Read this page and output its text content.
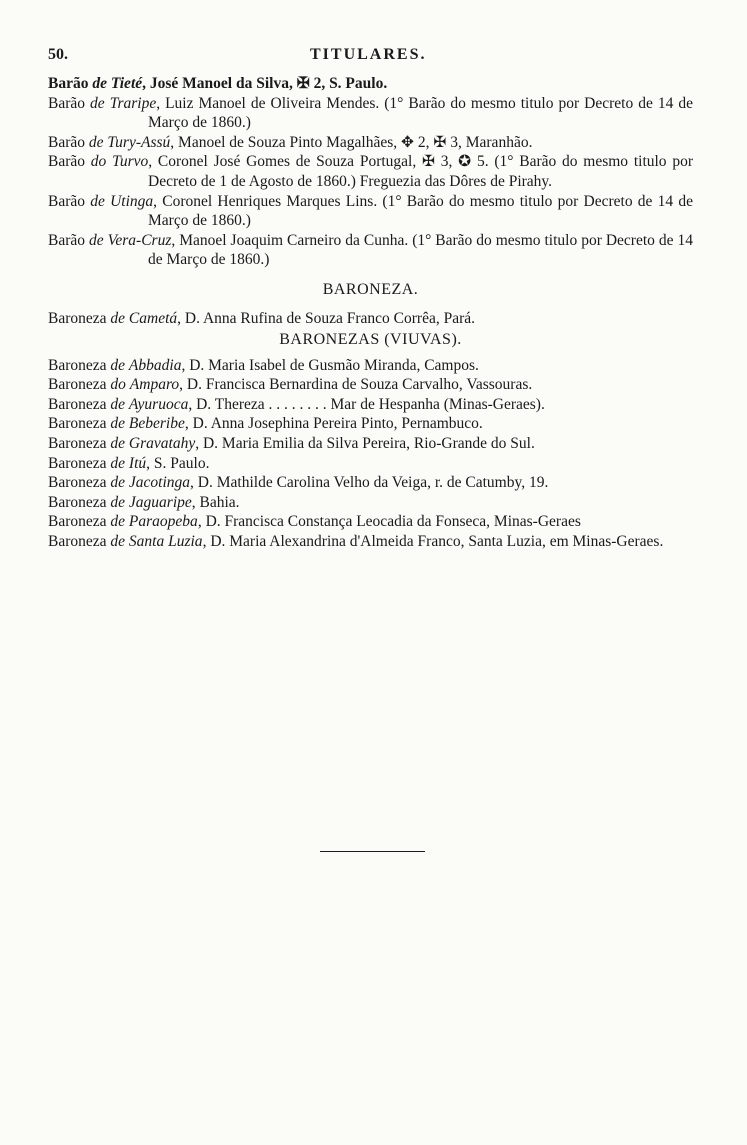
50.	TITULARES.

Barão de Tieté, José Manoel da Silva, ✠ 2, S. Paulo.

Barão de Traripe, Luiz Manoel de Oliveira Mendes. (1° Barão do mesmo titulo por Decreto de 14 de Março de 1860.)

Barão de Tury-Assú, Manoel de Souza Pinto Magalhães, ✥ 2, ✠ 3, Maranhão.

Barão do Turvo, Coronel José Gomes de Souza Portugal, ✠ 3, ✪ 5. (1° Barão do mesmo titulo por Decreto de 1 de Agosto de 1860.) Freguezia das Dôres de Pirahy.

Barão de Utinga, Coronel Henriques Marques Lins. (1° Barão do mesmo titulo por Decreto de 14 de Março de 1860.)

Barão de Vera-Cruz, Manoel Joaquim Carneiro da Cunha. (1° Barão do mesmo titulo por Decreto de 14 de Março de 1860.)

BARONEZA.

Baroneza de Cametá, D. Anna Rufina de Souza Franco Corrêa, Pará.

BARONEZAS (VIUVAS).

Baroneza de Abbadia, D. Maria Isabel de Gusmão Miranda, Campos.

Baroneza do Amparo, D. Francisca Bernardina de Souza Carvalho, Vassouras.

Baroneza de Ayuruoca, D. Thereza . . . . . . . . Mar de Hespanha (Minas-Geraes).

Baroneza de Beberibe, D. Anna Josephina Pereira Pinto, Pernambuco.

Baroneza de Gravatahy, D. Maria Emilia da Silva Pereira, Rio-Grande do Sul.

Baroneza de Itú, S. Paulo.

Baroneza de Jacotinga, D. Mathilde Carolina Velho da Veiga, r. de Catumby, 19.

Baroneza de Jaguaripe, Bahia.

Baroneza de Paraopeba, D. Francisca Constança Leocadia da Fonseca, Minas-Geraes

Baroneza de Santa Luzia, D. Maria Alexandrina d'Almeida Franco, Santa Luzia, em Minas-Geraes.
